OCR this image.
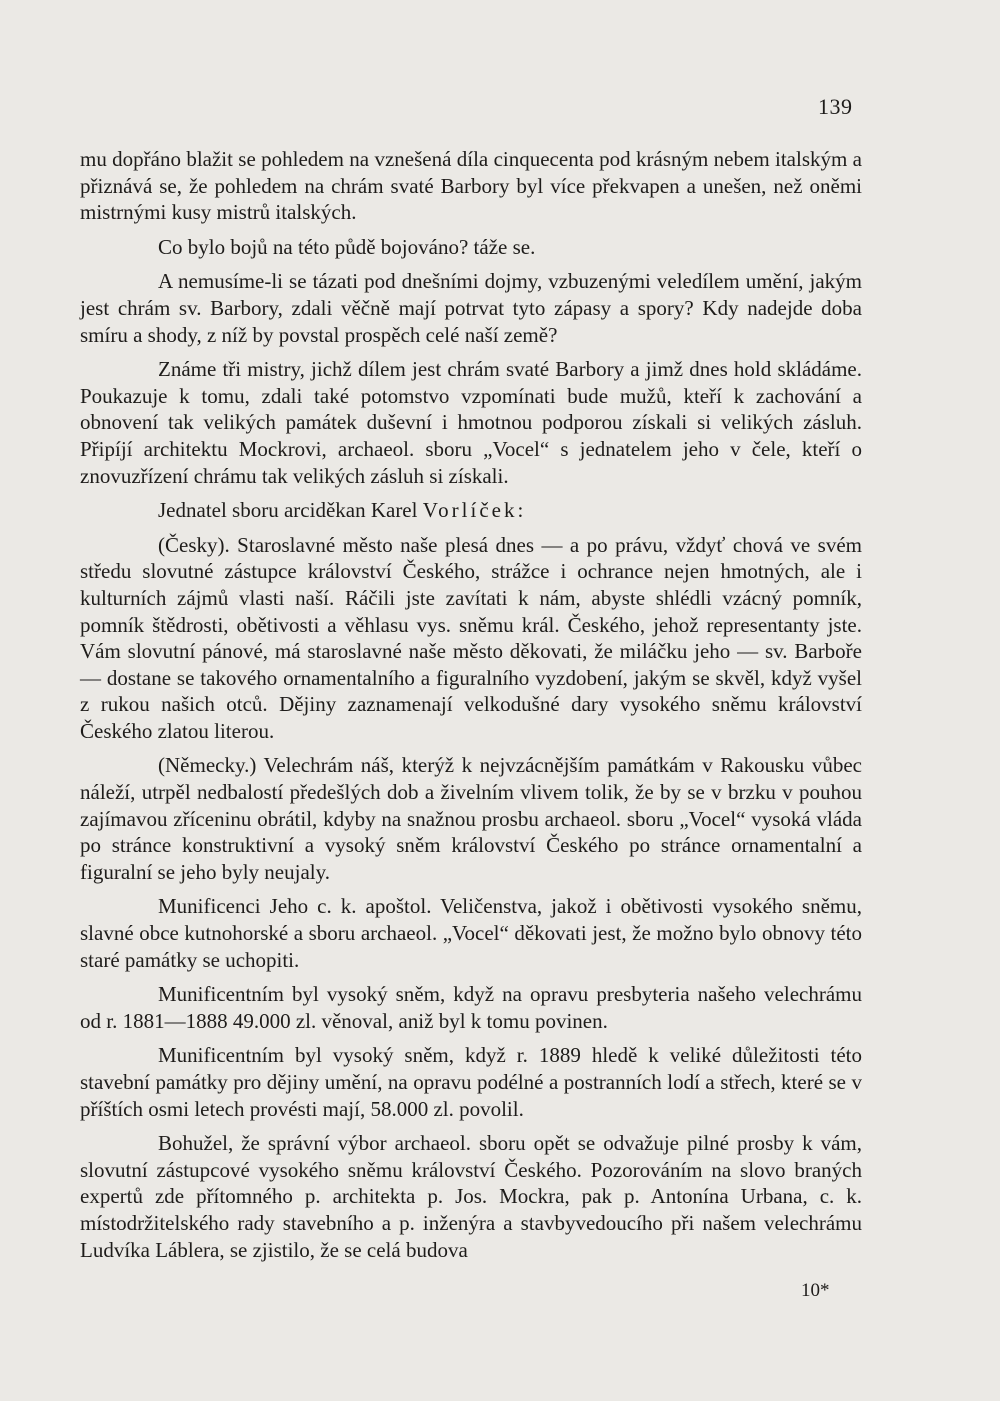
139

mu dopřáno blažit se pohledem na vznešená díla cinquecenta pod krásným nebem italským a přiznává se, že pohledem na chrám svaté Barbory byl více překvapen a unešen, než oněmi mistrnými kusy mistrů italských.

Co bylo bojů na této půdě bojováno? táže se.

A nemusíme-li se tázati pod dnešními dojmy, vzbuzenými veledílem umění, jakým jest chrám sv. Barbory, zdali věčně mají potrvat tyto zápasy a spory? Kdy nadejde doba smíru a shody, z níž by povstal prospěch celé naší země?

Známe tři mistry, jichž dílem jest chrám svaté Barbory a jimž dnes hold skládáme. Poukazuje k tomu, zdali také potomstvo vzpomínati bude mužů, kteří k zachování a obnovení tak velikých památek duševní i hmotnou podporou získali si velikých zásluh. Připíjí architektu Mockrovi, archaeol. sboru „Vocel“ s jednatelem jeho v čele, kteří o znovuzřízení chrámu tak velikých zásluh si získali.

Jednatel sboru arciděkan Karel Vorlíček:

(Česky). Staroslavné město naše plesá dnes — a po právu, vždyť chová ve svém středu slovutné zástupce království Českého, strážce i ochrance nejen hmotných, ale i kulturních zájmů vlasti naší. Ráčili jste zavítati k nám, abyste shlédli vzácný pomník, pomník štědrosti, obětivosti a věhlasu vys. sněmu král. Českého, jehož representanty jste. Vám slovutní pánové, má staroslavné naše město děkovati, že miláčku jeho — sv. Barboře — dostane se takového ornamentalního a figuralního vyzdobení, jakým se skvěl, když vyšel z rukou našich otců. Dějiny zaznamenají velkodušné dary vysokého sněmu království Českého zlatou literou.

(Německy.) Velechrám náš, kterýž k nejvzácnějším památkám v Rakousku vůbec náleží, utrpěl nedbalostí předešlých dob a živelním vlivem tolik, že by se v brzku v pouhou zajímavou zříceninu obrátil, kdyby na snažnou prosbu archaeol. sboru „Vocel“ vysoká vláda po stránce konstruktivní a vysoký sněm království Českého po stránce ornamentalní a figuralní se jeho byly neujaly.

Munificenci Jeho c. k. apoštol. Veličenstva, jakož i obětivosti vysokého sněmu, slavné obce kutnohorské a sboru archaeol. „Vocel“ děkovati jest, že možno bylo obnovy této staré památky se uchopiti.

Munificentním byl vysoký sněm, když na opravu presbyteria našeho velechrámu od r. 1881—1888 49.000 zl. věnoval, aniž byl k tomu povinen.

Munificentním byl vysoký sněm, když r. 1889 hledě k veliké důležitosti této stavební památky pro dějiny umění, na opravu podélné a postranních lodí a střech, které se v příštích osmi letech provésti mají, 58.000 zl. povolil.

Bohužel, že správní výbor archaeol. sboru opět se odvažuje pilné prosby k vám, slovutní zástupcové vysokého sněmu království Českého. Pozorováním na slovo braných expertů zde přítomného p. architekta p. Jos. Mockra, pak p. Antonína Urbana, c. k. místodržitelského rady stavebního a p. inženýra a stavbyvedoucího při našem velechrámu Ludvíka Láblera, se zjistilo, že se celá budova

10*
